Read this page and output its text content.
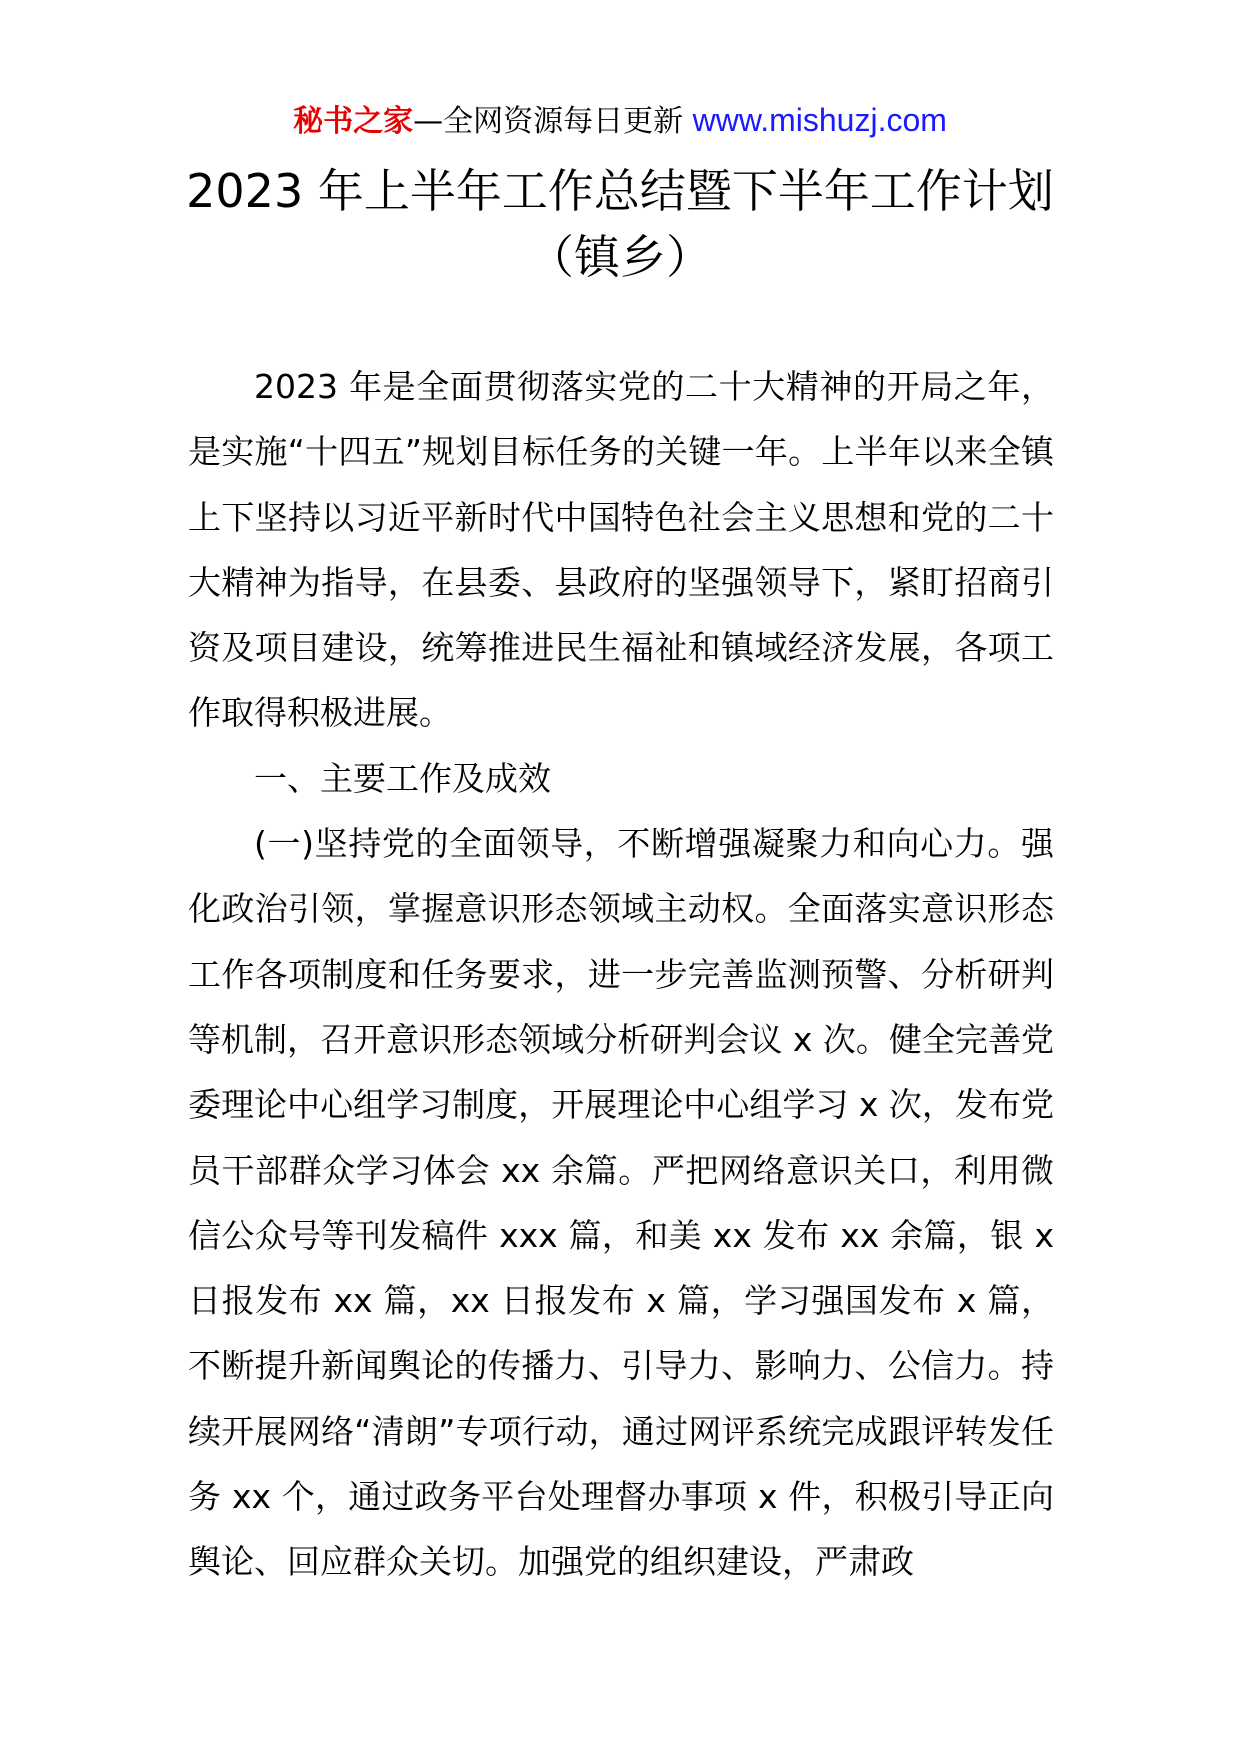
秘书之家—全网资源每日更新 www.mishuzj.com
2023 年上半年工作总结暨下半年工作计划
（镇乡）

2023 年是全面贯彻落实党的二十大精神的开局之年，是实施“十四五”规划目标任务的关键一年。上半年以来全镇上下坚持以习近平新时代中国特色社会主义思想和党的二十大精神为指导，在县委、县政府的坚强领导下，紧盯招商引资及项目建设，统筹推进民生福祉和镇域经济发展，各项工作取得积极进展。

一、主要工作及成效

(一)坚持党的全面领导，不断增强凝聚力和向心力。强化政治引领，掌握意识形态领域主动权。全面落实意识形态工作各项制度和任务要求，进一步完善监测预警、分析研判等机制，召开意识形态领域分析研判会议 x 次。健全完善党委理论中心组学习制度，开展理论中心组学习 x 次，发布党员干部群众学习体会 xx 余篇。严把网络意识关口，利用微信公众号等刊发稿件 xxx 篇，和美 xx 发布 xx 余篇，银 x 日报发布 xx 篇，xx 日报发布 x 篇，学习强国发布 x 篇，不断提升新闻舆论的传播力、引导力、影响力、公信力。持续开展网络“清朗”专项行动，通过网评系统完成跟评转发任务 xx 个，通过政务平台处理督办事项 x 件，积极引导正向舆论、回应群众关切。加强党的组织建设，严肃政
